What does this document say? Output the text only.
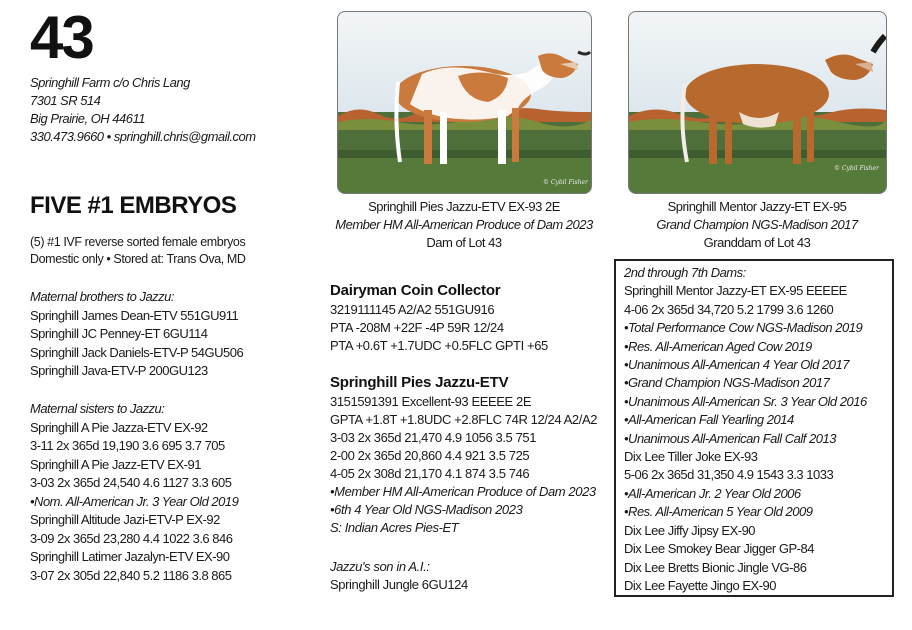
43
Springhill Farm c/o Chris Lang
7301 SR 514
Big Prairie, OH 44611
330.473.9660 • springhill.chris@gmail.com
FIVE #1 EMBRYOS
(5) #1 IVF reverse sorted female embryos
Domestic only • Stored at: Trans Ova, MD
Maternal brothers to Jazzu:
Springhill James Dean-ETV 551GU911
Springhill JC Penney-ET 6GU114
Springhill Jack Daniels-ETV-P 54GU506
Springhill Java-ETV-P 200GU123
Maternal sisters to Jazzu:
Springhill A Pie Jazza-ETV EX-92
3-11 2x 365d 19,190 3.6 695 3.7 705
Springhill A Pie Jazz-ETV EX-91
3-03 2x 365d 24,540 4.6 1127 3.3 605
•Nom. All-American Jr. 3 Year Old 2019
Springhill Altitude Jazi-ETV-P EX-92
3-09 2x 365d 23,280 4.4 1022 3.6 846
Springhill Latimer Jazalyn-ETV EX-90
3-07 2x 305d 22,840 5.2 1186 3.8 865
© Cybil Fisher
Springhill Pies Jazzu-ETV EX-93 2E
Member HM All-American Produce of Dam 2023
Dam of Lot 43
© Cybil Fisher
Springhill Mentor Jazzy-ET EX-95
Grand Champion NGS-Madison 2017
Granddam of Lot 43
Dairyman Coin Collector
3219111145 A2/A2 551GU916
PTA -208M +22F -4P 59R 12/24
PTA +0.6T +1.7UDC +0.5FLC GPTI +65
Springhill Pies Jazzu-ETV
3151591391 Excellent-93 EEEEE 2E
GPTA +1.8T +1.8UDC +2.8FLC 74R 12/24 A2/A2
3-03 2x 365d 21,470 4.9 1056 3.5 751
2-00 2x 365d 20,860 4.4 921 3.5 725
4-05 2x 308d 21,170 4.1 874 3.5 746
•Member HM All-American Produce of Dam 2023
•6th 4 Year Old NGS-Madison 2023
S: Indian Acres Pies-ET
Jazzu's son in A.I.:
Springhill Jungle 6GU124
2nd through 7th Dams:
Springhill Mentor Jazzy-ET EX-95 EEEEE
4-06 2x 365d 34,720 5.2 1799 3.6 1260
•Total Performance Cow NGS-Madison 2019
•Res. All-American Aged Cow 2019
•Unanimous All-American 4 Year Old 2017
•Grand Champion NGS-Madison 2017
•Unanimous All-American Sr. 3 Year Old 2016
•All-American Fall Yearling 2014
•Unanimous All-American Fall Calf 2013
Dix Lee Tiller Joke EX-93
5-06 2x 365d 31,350 4.9 1543 3.3 1033
•All-American Jr. 2 Year Old 2006
•Res. All-American 5 Year Old 2009
Dix Lee Jiffy Jipsy EX-90
Dix Lee Smokey Bear Jigger GP-84
Dix Lee Bretts Bionic Jingle VG-86
Dix Lee Fayette Jingo EX-90
